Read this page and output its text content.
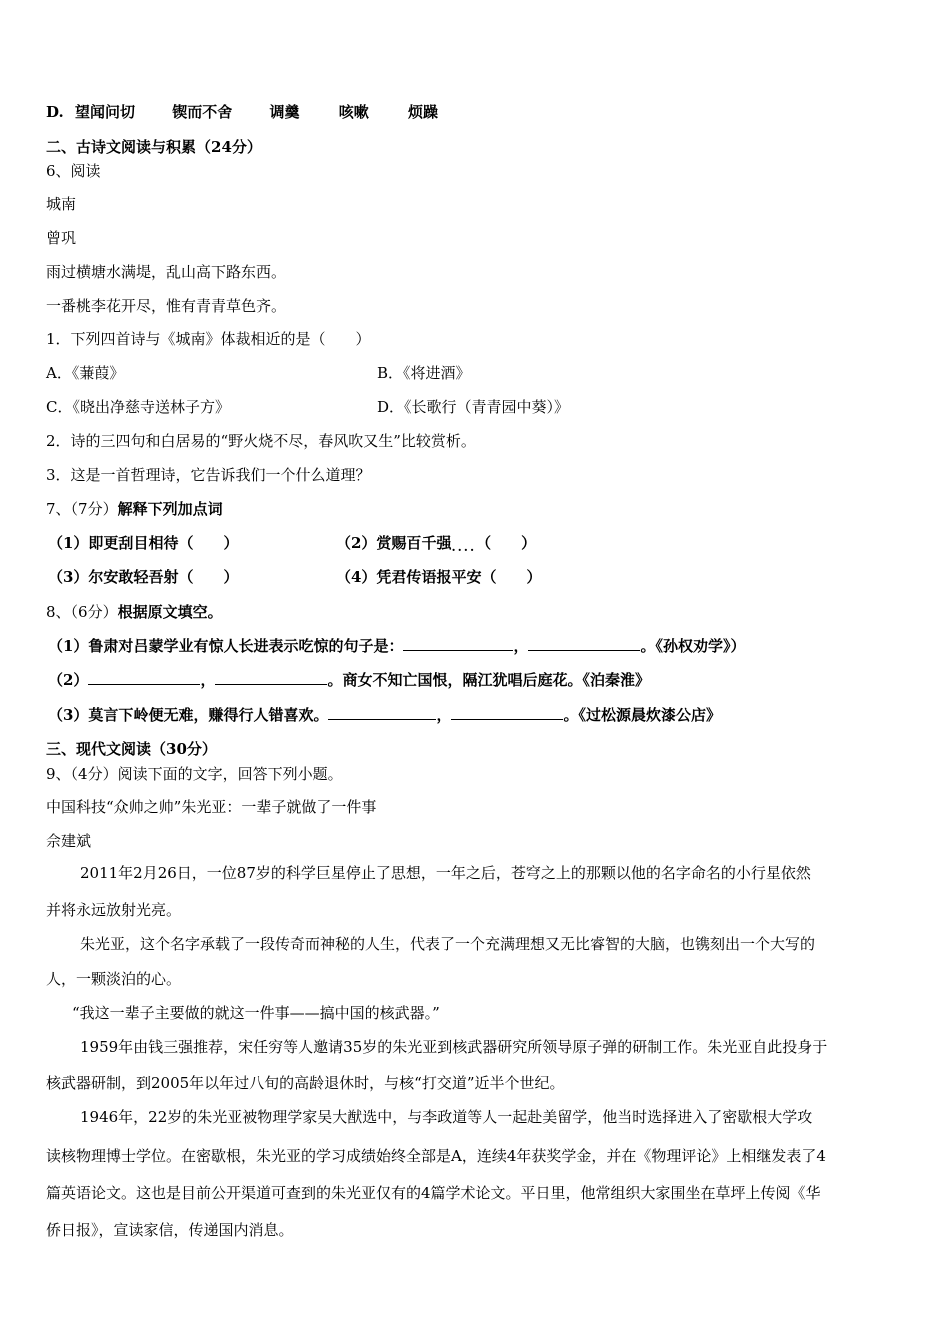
D. 望闻问切 锲而不舍 调羹	咳嗽	烦躁
二、古诗文阅读与积累（24分）
6、阅读
城南
曾巩
雨过横塘水满堤，乱山高下路东西。
一番桃李花开尽，惟有青青草色齐。
1．下列四首诗与《城南》体裁相近的是（　　）
A．《蒹葭》	B．《将进酒》
C．《晓出净慈寺送林子方》	D．《长歌行（青青园中葵）》
2．诗的三四句和白居易的“野火烧不尽，春风吹又生”比较赏析。
3．这是一首哲理诗，它告诉我们一个什么道理？
7、（7分）解释下列加点词
（1）即更刮目相待（　　）	（2）赏赐百千强$_{....}$（　　）
（3）尔安敢轻吾射（　　）	（4）凭君传语报平安（　　）
8、（6分）根据原文填空。
（1）鲁肃对吕蒙学业有惊人长进表示吃惊的句子是：	，	。《孙权劝学》）
（2）	，	。商女不知亡国恨，隔江犹唱后庭花。《泊秦淮》
（3）莫言下岭便无难，赚得行人错喜欢。	，	。《过松源晨炊漆公店》
三、现代文阅读（30分）
9、（4分）阅读下面的文字，回答下列小题。
中国科技“众帅之帅”朱光亚：一辈子就做了一件事
佘建斌
2011年2月26日，一位87岁的科学巨星停止了思想，一年之后，苍穹之上的那颗以他的名字命名的小行星依然
并将永远放射光亮。
朱光亚，这个名字承载了一段传奇而神秘的人生，代表了一个充满理想又无比睿智的大脑，也镌刻出一个大写的
人，一颗淡泊的心。
“我这一辈子主要做的就这一件事——搞中国的核武器。”
1959年由钱三强推荐，宋任穷等人邀请35岁的朱光亚到核武器研究所领导原子弹的研制工作。朱光亚自此投身于
核武器研制，到2005年以年过八旬的高龄退休时，与核“打交道”近半个世纪。
1946年，22岁的朱光亚被物理学家吴大猷选中，与李政道等人一起赴美留学，他当时选择进入了密歇根大学攻
读核物理博士学位。在密歇根，朱光亚的学习成绩始终全部是A，连续4年获奖学金，并在《物理评论》上相继发表了4
篇英语论文。这也是目前公开渠道可查到的朱光亚仅有的4篇学术论文。平日里，他常组织大家围坐在草坪上传阅《华
侨日报》，宣读家信，传递国内消息。
